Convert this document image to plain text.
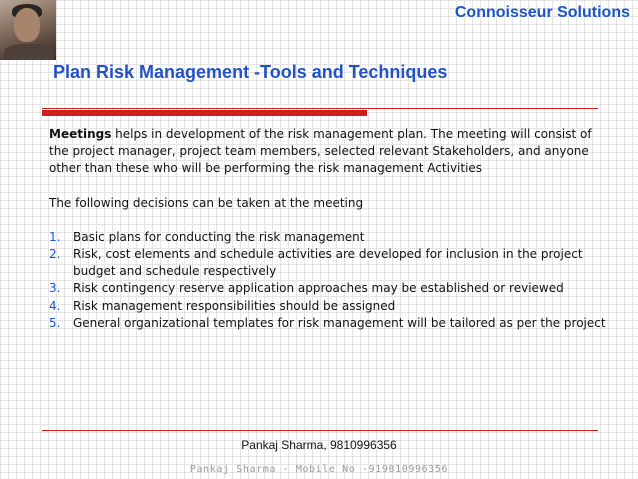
Connoisseur Solutions
Plan Risk Management -Tools and Techniques

Meetings helps in development of the risk management plan. The meeting will consist of the project manager, project team members, selected relevant Stakeholders, and anyone other than these who will be performing the risk management Activities

The following decisions can be taken at the meeting

1. Basic plans for conducting the risk management
2. Risk, cost elements and schedule activities are developed for inclusion in the project budget and schedule respectively
3. Risk contingency reserve application approaches may be established or reviewed
4. Risk management responsibilities should be assigned
5. General organizational templates for risk management will be tailored as per the project
Pankaj Sharma, 9810996356
Pankaj Sharma - Mobile No -919810996356
